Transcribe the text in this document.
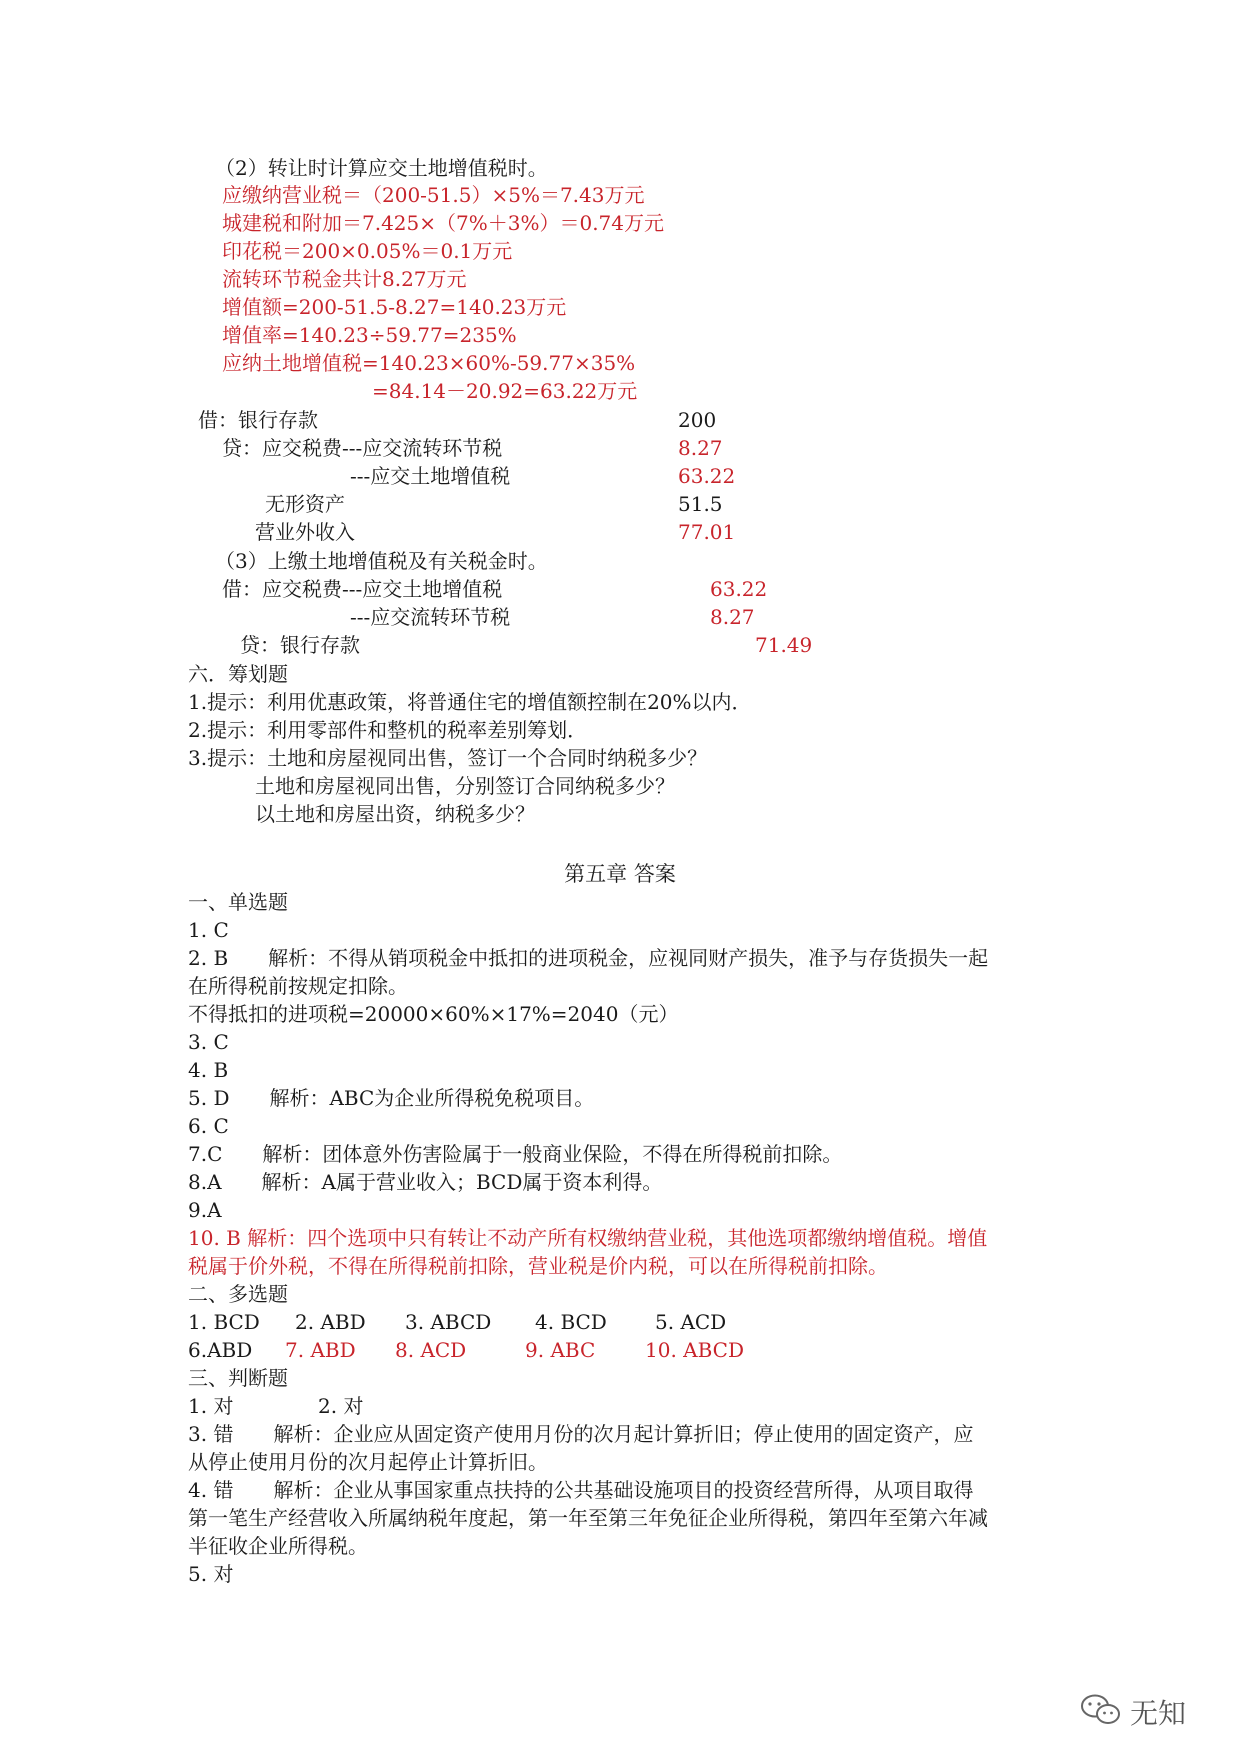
（2）转让时计算应交土地增值税时。
应缴纳营业税＝（200-51.5）×5%＝7.43万元
城建税和附加＝7.425×（7%＋3%）＝0.74万元
印花税＝200×0.05%＝0.1万元
流转环节税金共计8.27万元
增值额=200-51.5-8.27=140.23万元
增值率=140.23÷59.77=235%
应纳土地增值税=140.23×60%-59.77×35%
=84.14－20.92=63.22万元
借：银行存款	200
贷：应交税费---应交流转环节税	8.27
---应交土地增值税	63.22
无形资产	51.5
营业外收入	77.01
（3）上缴土地增值税及有关税金时。
借：应交税费---应交土地增值税	63.22
---应交流转环节税	8.27
贷：银行存款	71.49
六．筹划题
1.提示：利用优惠政策，将普通住宅的增值额控制在20%以内．
2.提示：利用零部件和整机的税率差别筹划．
3.提示：土地和房屋视同出售，签订一个合同时纳税多少？
土地和房屋视同出售，分别签订合同纳税多少？
以土地和房屋出资，纳税多少？
第五章 答案
一、单选题
1. C
2. B　　解析：不得从销项税金中抵扣的进项税金，应视同财产损失，准予与存货损失一起
在所得税前按规定扣除。
不得抵扣的进项税=20000×60%×17%=2040（元）
3. C
4. B
5. D　　解析：ABC为企业所得税免税项目。
6. C
7.C　　解析：团体意外伤害险属于一般商业保险，不得在所得税前扣除。
8.A　　解析：A属于营业收入；BCD属于资本利得。
9.A
10. B 解析：四个选项中只有转让不动产所有权缴纳营业税，其他选项都缴纳增值税。增值
税属于价外税，不得在所得税前扣除，营业税是价内税，可以在所得税前扣除。
二、多选题
1. BCD 2. ABD 3. ABCD 4. BCD 5. ACD
6.ABD 7. ABD 8. ACD	9. ABC 10. ABCD
三、判断题
1. 对	2. 对
3. 错　　解析：企业应从固定资产使用月份的次月起计算折旧；停止使用的固定资产，应
从停止使用月份的次月起停止计算折旧。
4. 错　　解析：企业从事国家重点扶持的公共基础设施项目的投资经营所得，从项目取得
第一笔生产经营收入所属纳税年度起，第一年至第三年免征企业所得税，第四年至第六年减
半征收企业所得税。
5. 对
无知
